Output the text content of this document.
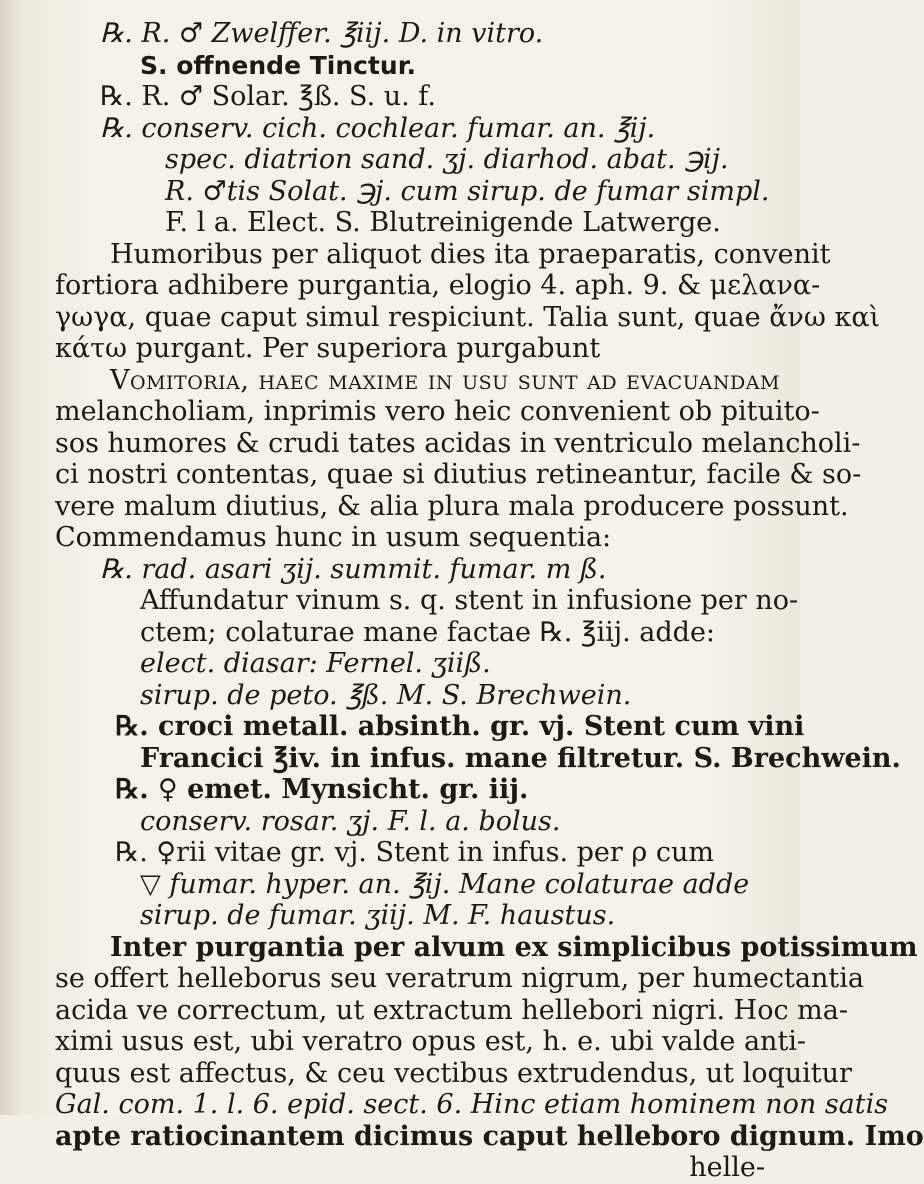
℞. R. ♂ Zwelffer. ℥iij. D. in vitro.
S. offnende Tinctur.
℞. R. ♂ Solar. ℥ß. S. u. f.
℞. conserv. cich. cochlear. fumar. an. ℥ij.
spec. diatrion sand. ʒj. diarhod. abat. ℈ij.
R. ♂tis Solat. ℈j. cum sirup. de fumar simpl.
F. l a. Elect. S. Blutreinigende Latwerge.
Humoribus per aliquot dies ita praeparatis, convenit
fortiora adhibere purgantia, elogio 4. aph. 9. & μελανα-
γωγα, quae caput simul respiciunt. Talia sunt, quae ἄνω καὶ
κάτω purgant. Per superiora purgabunt
Vomitoria, haec maxime in usu sunt ad evacuandam
melancholiam, inprimis vero heic convenient ob pituito-
sos humores & crudi tates acidas in ventriculo melancholi-
ci nostri contentas, quae si diutius retineantur, facile & so-
vere malum diutius, & alia plura mala producere possunt.
Commendamus hunc in usum sequentia:
℞. rad. asari ʒij. summit. fumar. m ß.
Affundatur vinum s. q. stent in infusione per no-
ctem; colaturae mane factae ℞. ℥iij. adde:
elect. diasar: Fernel. ʒiiß.
sirup. de peto. ℥ß. M. S. Brechwein.
℞. croci metall. absinth. gr. vj. Stent cum vini
Francici ℥iv. in infus. mane filtretur. S. Brechwein.
℞. ♀ emet. Mynsicht. gr. iij.
conserv. rosar. ʒj. F. l. a. bolus.
℞. ♀rii vitae gr. vj. Stent in infus. per ρ cum
▽ fumar. hyper. an. ℥ij. Mane colaturae adde
sirup. de fumar. ʒiij. M. F. haustus.
Inter purgantia per alvum ex simplicibus potissimum
se offert helleborus seu veratrum nigrum, per humectantia
acida ve correctum, ut extractum hellebori nigri. Hoc ma-
ximi usus est, ubi veratro opus est, h. e. ubi valde anti-
quus est affectus, & ceu vectibus extrudendus, ut loquitur
Gal. com. 1. l. 6. epid. sect. 6. Hinc etiam hominem non satis
apte ratiocinantem dicimus caput helleboro dignum. Imo
helle-
